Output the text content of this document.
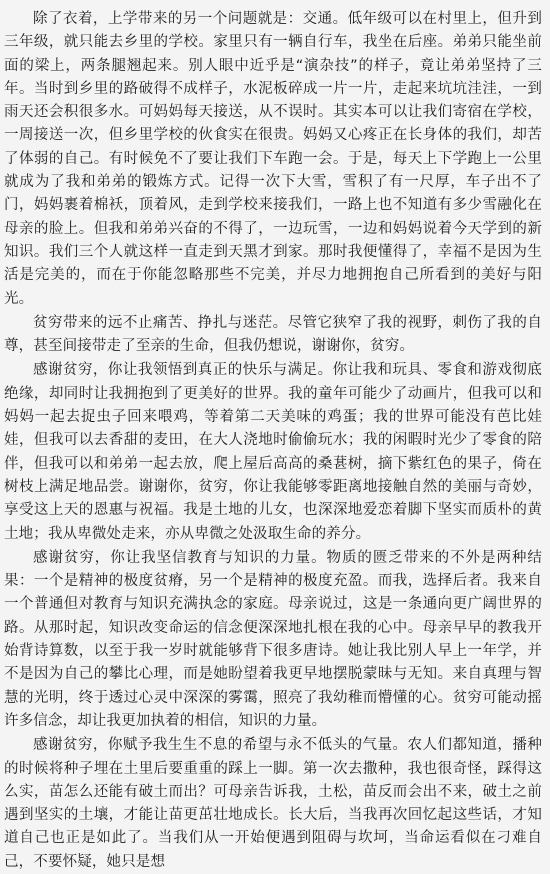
除了衣着，上学带来的另一个问题就是：交通。低年级可以在村里上，但升到三年级，就只能去乡里的学校。家里只有一辆自行车，我坐在后座。弟弟只能坐前面的梁上，两条腿翘起来。别人眼中近乎是“演杂技”的样子，竟让弟弟坚持了三年。当时到乡里的路破得不成样子，水泥板碎成一片一片，走起来坑坑洼洼，一到雨天还会积很多水。可妈妈每天接送，从不误时。其实本可以让我们寄宿在学校，一周接送一次，但乡里学校的伙食实在很贵。妈妈又心疼正在长身体的我们，却苦了体弱的自己。有时候免不了要让我们下车跑一会。于是，每天上下学跑上一公里就成为了我和弟弟的锻炼方式。记得一次下大雪，雪积了有一尺厚，车子出不了门，妈妈裹着棉袄，顶着风，走到学校来接我们，一路上也不知道有多少雪融化在母亲的脸上。但我和弟弟兴奋的不得了，一边玩雪，一边和妈妈说着今天学到的新知识。我们三个人就这样一直走到天黑才到家。那时我便懂得了，幸福不是因为生活是完美的，而在于你能忽略那些不完美，并尽力地拥抱自己所看到的美好与阳光。

贫穷带来的远不止痛苦、挣扎与迷茫。尽管它狭窄了我的视野，刺伤了我的自尊，甚至间接带走了至亲的生命，但我仍想说，谢谢你，贫穷。

感谢贫穷，你让我领悟到真正的快乐与满足。你让我和玩具、零食和游戏彻底绝缘，却同时让我拥抱到了更美好的世界。我的童年可能少了动画片，但我可以和妈妈一起去捉虫子回来喂鸡，等着第二天美味的鸡蛋；我的世界可能没有芭比娃娃，但我可以去香甜的麦田，在大人浇地时偷偷玩水；我的闲暇时光少了零食的陪伴，但我可以和弟弟一起去放，爬上屋后高高的桑葚树，摘下紫红色的果子，倚在树枝上满足地品尝。谢谢你，贫穷，你让我能够零距离地接触自然的美丽与奇妙，享受这上天的恩惠与祝福。我是土地的儿女，也深深地爱恋着脚下坚实而质朴的黄土地；我从卑微处走来，亦从卑微之处汲取生命的养分。

感谢贫穷，你让我坚信教育与知识的力量。物质的匮乏带来的不外是两种结果：一个是精神的极度贫瘠，另一个是精神的极度充盈。而我，选择后者。我来自一个普通但对教育与知识充满执念的家庭。母亲说过，这是一条通向更广阔世界的路。从那时起，知识改变命运的信念便深深地扎根在我的心中。母亲早早的教我开始背诗算数，以至于我一岁时就能够背下很多唐诗。她让我比别人早上一年学，并不是因为自己的攀比心理，而是她盼望着我更早地摆脱蒙昧与无知。来自真理与智慧的光明，终于透过心灵中深深的雾霭，照亮了我幼稚而懵懂的心。贫穷可能动摇许多信念，却让我更加执着的相信，知识的力量。

感谢贫穷，你赋予我生生不息的希望与永不低头的气量。农人们都知道，播种的时候将种子埋在土里后要重重的踩上一脚。第一次去撒种，我也很奇怪，踩得这么实，苗怎么还能有破土而出？可母亲告诉我，土松，苗反而会出不来，破土之前遇到坚实的土壤，才能让苗更茁壮地成长。长大后，当我再次回忆起这些话，才知道自己也正是如此了。当我们从一开始便遇到阻碍与坎坷，当命运看似在刁难自己，不要怀疑，她只是想
